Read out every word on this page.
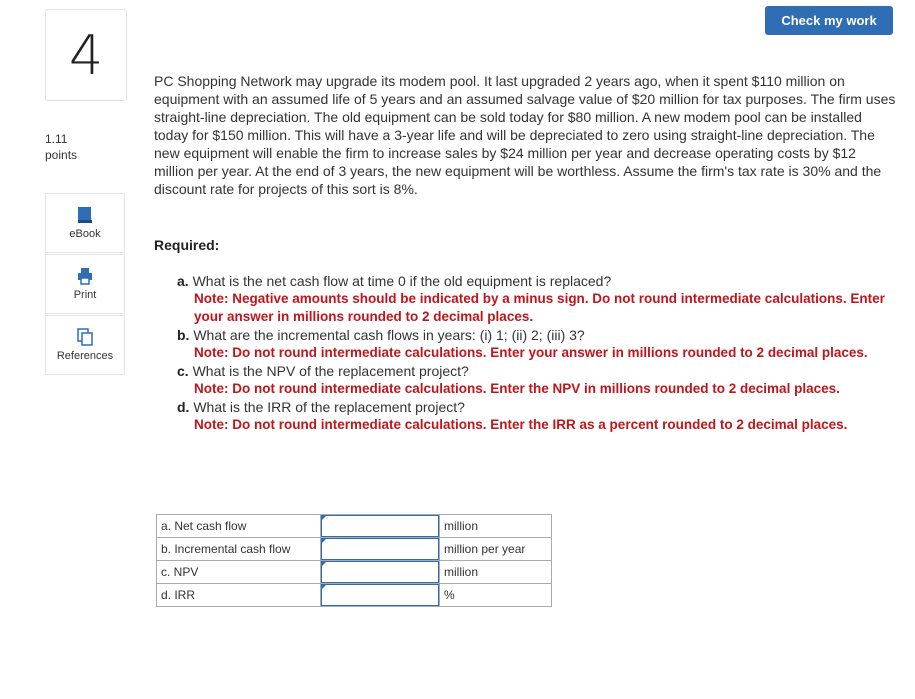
4
1.11
points
eBook
Print
References
Check my work
PC Shopping Network may upgrade its modem pool. It last upgraded 2 years ago, when it spent $110 million on equipment with an assumed life of 5 years and an assumed salvage value of $20 million for tax purposes. The firm uses straight-line depreciation. The old equipment can be sold today for $80 million. A new modem pool can be installed today for $150 million. This will have a 3-year life and will be depreciated to zero using straight-line depreciation. The new equipment will enable the firm to increase sales by $24 million per year and decrease operating costs by $12 million per year. At the end of 3 years, the new equipment will be worthless. Assume the firm's tax rate is 30% and the discount rate for projects of this sort is 8%.
Required:
a. What is the net cash flow at time 0 if the old equipment is replaced?
Note: Negative amounts should be indicated by a minus sign. Do not round intermediate calculations. Enter your answer in millions rounded to 2 decimal places.
b. What are the incremental cash flows in years: (i) 1; (ii) 2; (iii) 3?
Note: Do not round intermediate calculations. Enter your answer in millions rounded to 2 decimal places.
c. What is the NPV of the replacement project?
Note: Do not round intermediate calculations. Enter the NPV in millions rounded to 2 decimal places.
d. What is the IRR of the replacement project?
Note: Do not round intermediate calculations. Enter the IRR as a percent rounded to 2 decimal places.
a. Net cash flow		million
b. Incremental cash flow		million per year
c. NPV		million
d. IRR		%
